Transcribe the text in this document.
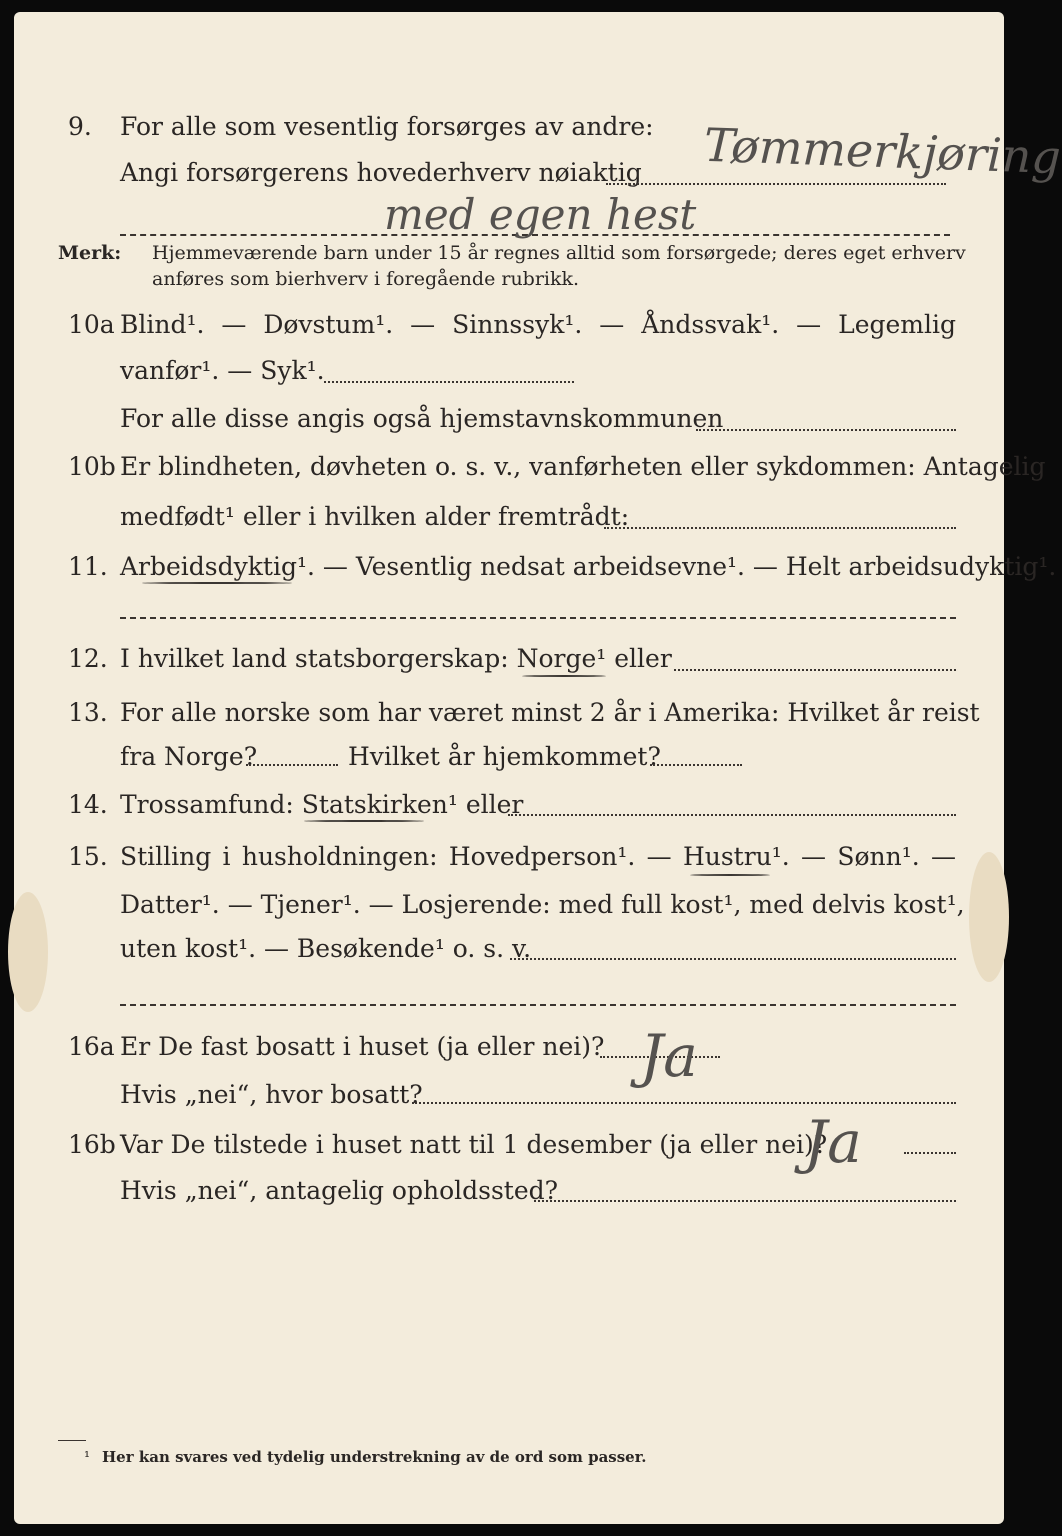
9. For alle som vesentlig forsørges av andre:
Angi forsørgerens hovederhverv nøiaktig Tømmerkjøring
med egen hest
Merk: Hjemmeværende barn under 15 år regnes alltid som forsørgede; deres eget erhverv
anføres som bierhverv i foregående rubrikk.
10a Blind¹. — Døvstum¹. — Sinnssyk¹. — Åndssvak¹. — Legemlig
vanfør¹. — Syk¹.
For alle disse angis også hjemstavnskommunen
10b Er blindheten, døvheten o. s. v., vanførheten eller sykdommen: Antagelig
medfødt¹ eller i hvilken alder fremtrådt:
11. Arbeidsdyktig¹. — Vesentlig nedsat arbeidsevne¹. — Helt arbeidsudyktig¹.
12. I hvilket land statsborgerskap: Norge¹ eller
13. For alle norske som har været minst 2 år i Amerika: Hvilket år reist
fra Norge?	Hvilket år hjemkommet?
14. Trossamfund: Statskirken¹ eller
15. Stilling i husholdningen: Hovedperson¹. — Hustru¹. — Sønn¹. —
Datter¹. — Tjener¹. — Losjerende: med full kost¹, med delvis kost¹,
uten kost¹. — Besøkende¹ o. s. v.
16a Er De fast bosatt i huset (ja eller nei)? Ja
Hvis „nei“, hvor bosatt?
16b Var De tilstede i huset natt til 1 desember (ja eller nei)?
Ja
Hvis „nei“, antagelig opholdssted?
¹ Her kan svares ved tydelig understrekning av de ord som passer.
